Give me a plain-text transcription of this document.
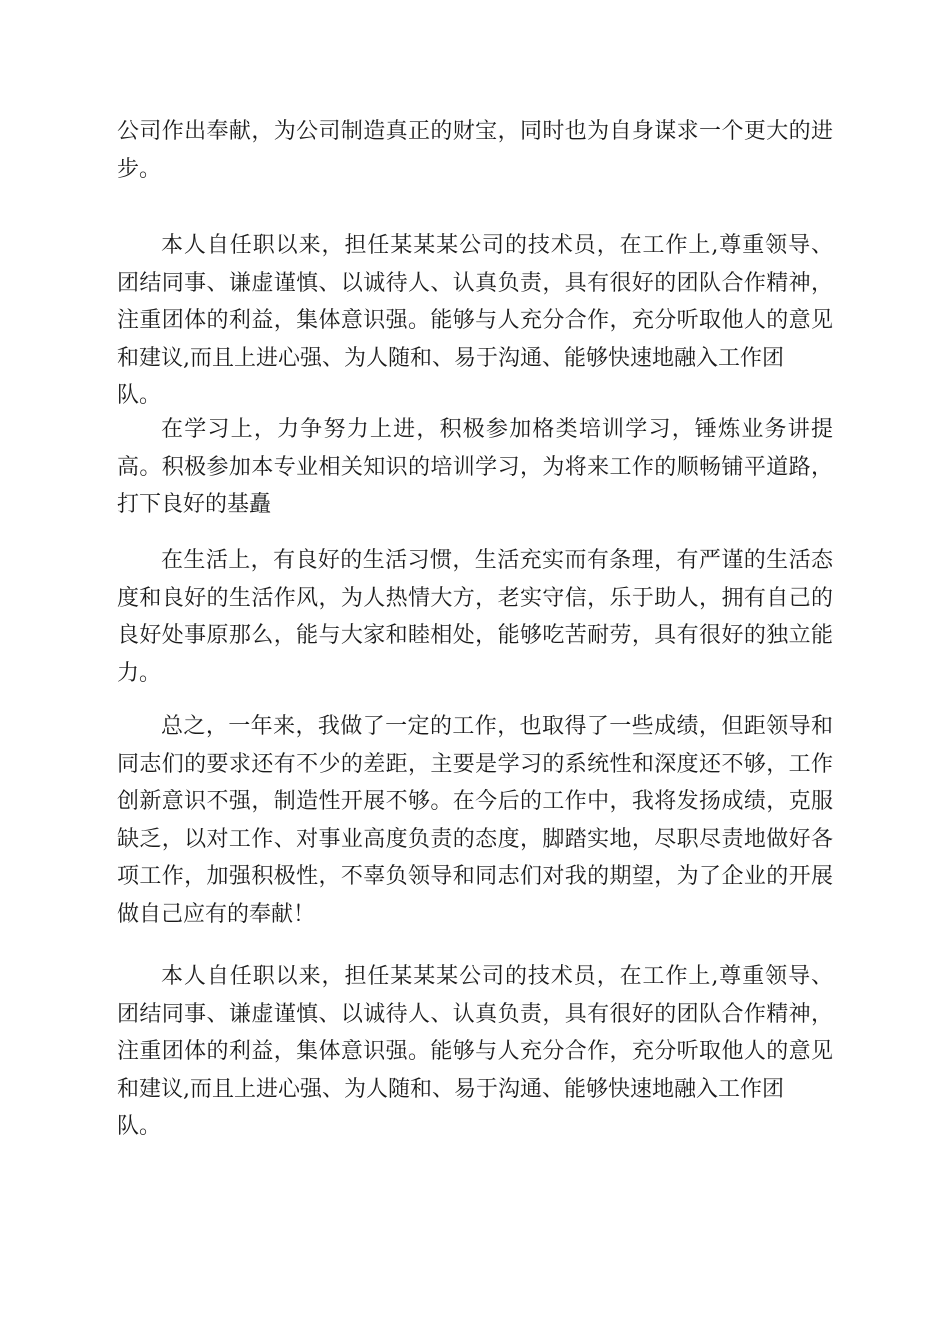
公司作出奉献，为公司制造真正的财宝，同时也为自身谋求一个更大的进
步。
本人自任职以来，担任某某某公司的技术员，在工作上,尊重领导、
团结同事、谦虚谨慎、以诚待人、认真负责，具有很好的团队合作精神，
注重团体的利益，集体意识强。能够与人充分合作，充分听取他人的意见
和建议,而且上进心强、为人随和、易于沟通、能够快速地融入工作团
队。
在学习上，力争努力上进，积极参加格类培训学习，锤炼业务讲提
高。积极参加本专业相关知识的培训学习，为将来工作的顺畅铺平道路，
打下良好的基矗
在生活上，有良好的生活习惯，生活充实而有条理，有严谨的生活态
度和良好的生活作风，为人热情大方，老实守信，乐于助人，拥有自己的
良好处事原那么，能与大家和睦相处，能够吃苦耐劳，具有很好的独立能
力。
总之，一年来，我做了一定的工作，也取得了一些成绩，但距领导和
同志们的要求还有不少的差距，主要是学习的系统性和深度还不够，工作
创新意识不强，制造性开展不够。在今后的工作中，我将发扬成绩，克服
缺乏，以对工作、对事业高度负责的态度，脚踏实地，尽职尽责地做好各
项工作，加强积极性，不辜负领导和同志们对我的期望，为了企业的开展
做自己应有的奉献！
本人自任职以来，担任某某某公司的技术员，在工作上,尊重领导、
团结同事、谦虚谨慎、以诚待人、认真负责，具有很好的团队合作精神，
注重团体的利益，集体意识强。能够与人充分合作，充分听取他人的意见
和建议,而且上进心强、为人随和、易于沟通、能够快速地融入工作团
队。
